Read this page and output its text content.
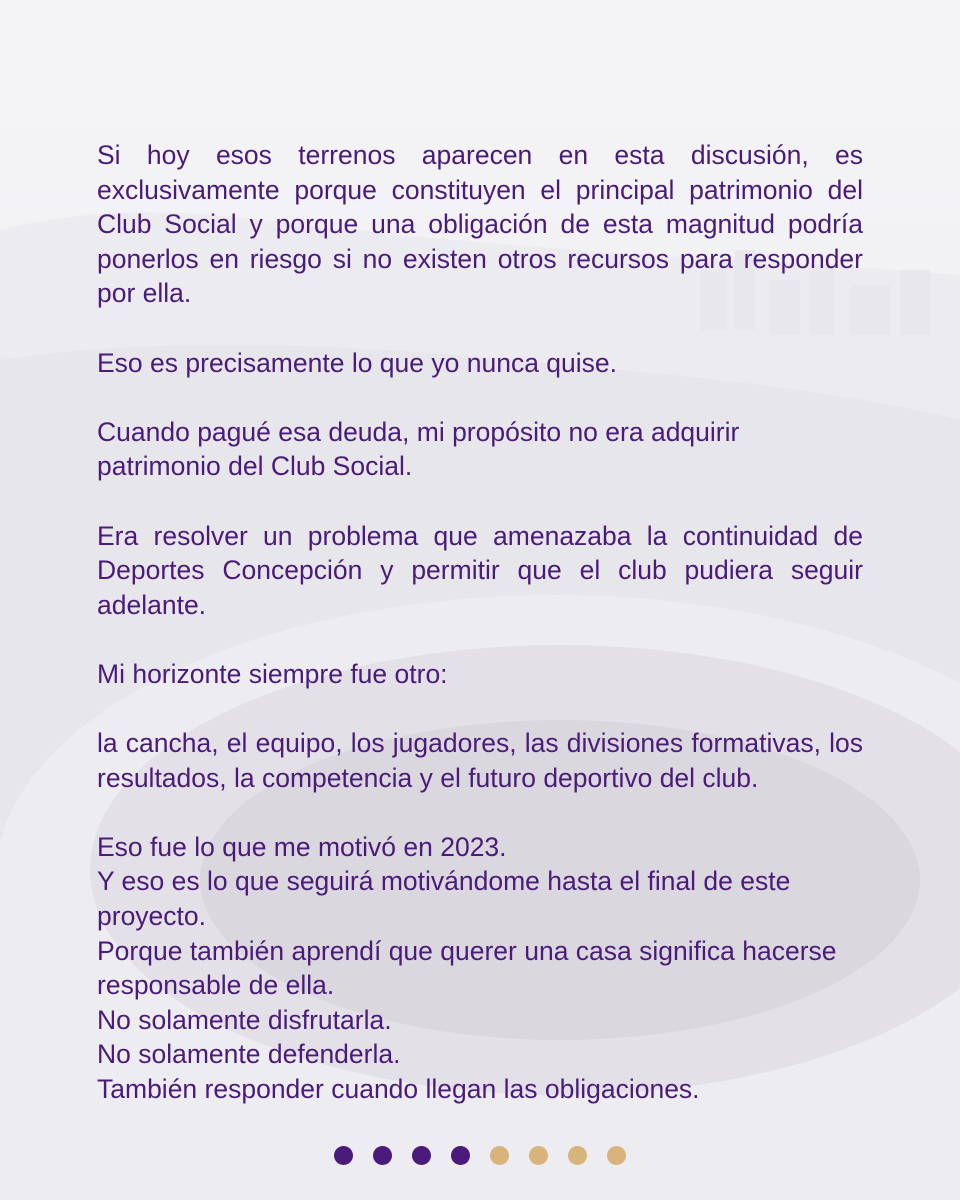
Si hoy esos terrenos aparecen en esta discusión, es exclusivamente porque constituyen el principal patrimonio del Club Social y porque una obligación de esta magnitud podría ponerlos en riesgo si no existen otros recursos para responder por ella.

Eso es precisamente lo que yo nunca quise.

Cuando pagué esa deuda, mi propósito no era adquirir patrimonio del Club Social.

Era resolver un problema que amenazaba la continuidad de Deportes Concepción y permitir que el club pudiera seguir adelante.

Mi horizonte siempre fue otro:

la cancha, el equipo, los jugadores, las divisiones formativas, los resultados, la competencia y el futuro deportivo del club.

Eso fue lo que me motivó en 2023.

Y eso es lo que seguirá motivándome hasta el final de este proyecto.

Porque también aprendí que querer una casa significa hacerse responsable de ella.

No solamente disfrutarla.

No solamente defenderla.

También responder cuando llegan las obligaciones.
